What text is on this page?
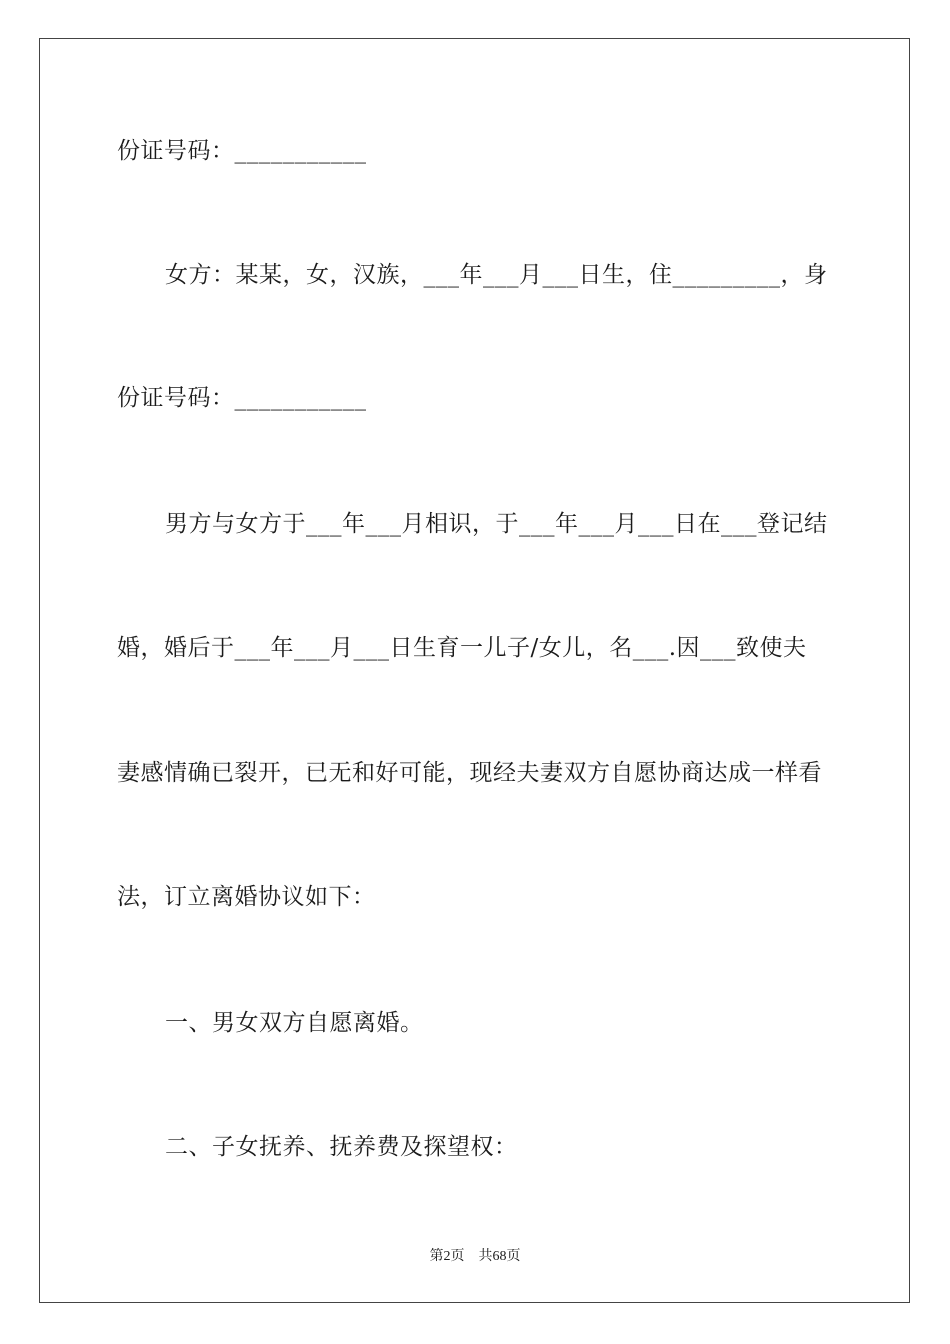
份证号码：___________

女方：某某，女，汉族，___年___月___日生，住_________，身

份证号码：___________

男方与女方于___年___月相识，于___年___月___日在___登记结

婚，婚后于___年___月___日生育一儿子/女儿，名___.因___致使夫

妻感情确已裂开，已无和好可能，现经夫妻双方自愿协商达成一样看

法，订立离婚协议如下：

一、男女双方自愿离婚。

二、子女抚养、抚养费及探望权：

第2页 共68页
